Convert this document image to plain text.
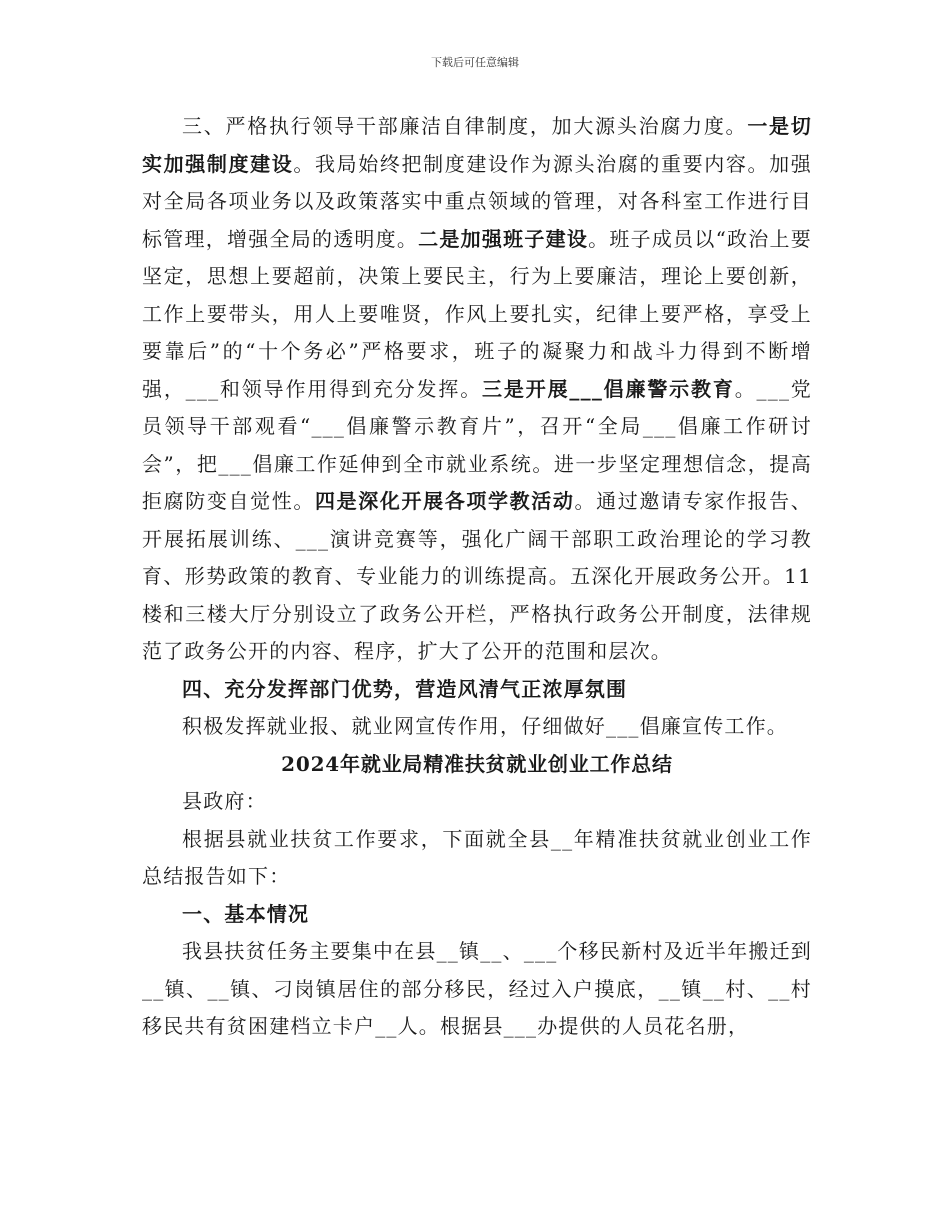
下载后可任意编辑

三、严格执行领导干部廉洁自律制度，加大源头治腐力度。一是切实加强制度建设。我局始终把制度建设作为源头治腐的重要内容。加强对全局各项业务以及政策落实中重点领域的管理，对各科室工作进行目标管理，增强全局的透明度。二是加强班子建设。班子成员以“政治上要坚定，思想上要超前，决策上要民主，行为上要廉洁，理论上要创新，工作上要带头，用人上要唯贤，作风上要扎实，纪律上要严格，享受上要靠后”的“十个务必”严格要求，班子的凝聚力和战斗力得到不断增强，___和领导作用得到充分发挥。三是开展___倡廉警示教育。___党员领导干部观看“___倡廉警示教育片”，召开“全局___倡廉工作研讨会”，把___倡廉工作延伸到全市就业系统。进一步坚定理想信念，提高拒腐防变自觉性。四是深化开展各项学教活动。通过邀请专家作报告、开展拓展训练、___演讲竞赛等，强化广阔干部职工政治理论的学习教育、形势政策的教育、专业能力的训练提高。五深化开展政务公开。11楼和三楼大厅分别设立了政务公开栏，严格执行政务公开制度，法律规范了政务公开的内容、程序，扩大了公开的范围和层次。

四、充分发挥部门优势，营造风清气正浓厚氛围

积极发挥就业报、就业网宣传作用，仔细做好___倡廉宣传工作。

2024年就业局精准扶贫就业创业工作总结

县政府：

根据县就业扶贫工作要求，下面就全县__年精准扶贫就业创业工作总结报告如下：

一、基本情况

我县扶贫任务主要集中在县__镇__、___个移民新村及近半年搬迁到__镇、__镇、刁岗镇居住的部分移民，经过入户摸底，__镇__村、__村移民共有贫困建档立卡户__人。根据县___办提供的人员花名册，
